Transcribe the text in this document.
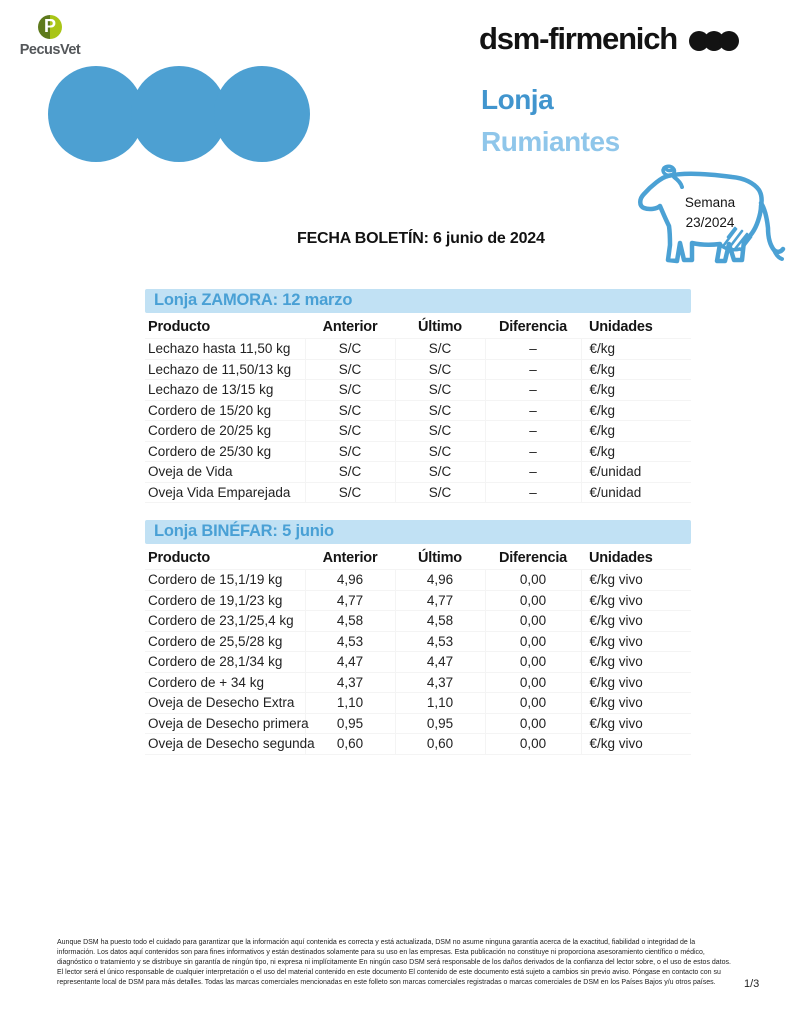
P
PecusVet	dsm-firmenich
Lonja
Rumiantes
Semana
23/2024
FECHA BOLETÍN: 6 junio de 2024
Lonja ZAMORA: 12 marzo
Producto	Anterior	Último	Diferencia	Unidades
Lechazo hasta 11,50 kg	S/C	S/C	–	€/kg
Lechazo de 11,50/13 kg	S/C	S/C	–	€/kg
Lechazo de 13/15 kg	S/C	S/C	–	€/kg
Cordero de 15/20 kg	S/C	S/C	–	€/kg
Cordero de 20/25 kg	S/C	S/C	–	€/kg
Cordero de 25/30 kg	S/C	S/C	–	€/kg
Oveja de Vida	S/C	S/C	–	€/unidad
Oveja Vida Emparejada	S/C	S/C	–	€/unidad
Lonja BINÉFAR: 5 junio
Producto	Anterior	Último	Diferencia	Unidades
Cordero de 15,1/19 kg	4,96	4,96	0,00	€/kg vivo
Cordero de 19,1/23 kg	4,77	4,77	0,00	€/kg vivo
Cordero de 23,1/25,4 kg	4,58	4,58	0,00	€/kg vivo
Cordero de 25,5/28 kg	4,53	4,53	0,00	€/kg vivo
Cordero de 28,1/34 kg	4,47	4,47	0,00	€/kg vivo
Cordero de + 34 kg	4,37	4,37	0,00	€/kg vivo
Oveja de Desecho Extra	1,10	1,10	0,00	€/kg vivo
Oveja de Desecho primera	0,95	0,95	0,00	€/kg vivo
Oveja de Desecho segunda	0,60	0,60	0,00	€/kg vivo
Aunque DSM ha puesto todo el cuidado para garantizar que la información aquí contenida es correcta y está actualizada, DSM no asume ninguna garantía acerca de la exactitud, fiabilidad o integridad de la información. Los datos aquí contenidos son para fines informativos y están destinados solamente para su uso en las empresas. Esta publicación no constituye ni proporciona asesoramiento científico o médico, diagnóstico o tratamiento y se distribuye sin garantía de ningún tipo, ni expresa ni implícitamente En ningún caso DSM será responsable de los daños derivados de la confianza del lector sobre, o el uso de estos datos. El lector será el único responsable de cualquier interpretación o el uso del material contenido en este documento El contenido de este documento está sujeto a cambios sin previo aviso. Póngase en contacto con su representante local de DSM para más detalles. Todas las marcas comerciales mencionadas en este folleto son marcas comerciales registradas o marcas comerciales de DSM en los Países Bajos y/u otros países.	1/3
